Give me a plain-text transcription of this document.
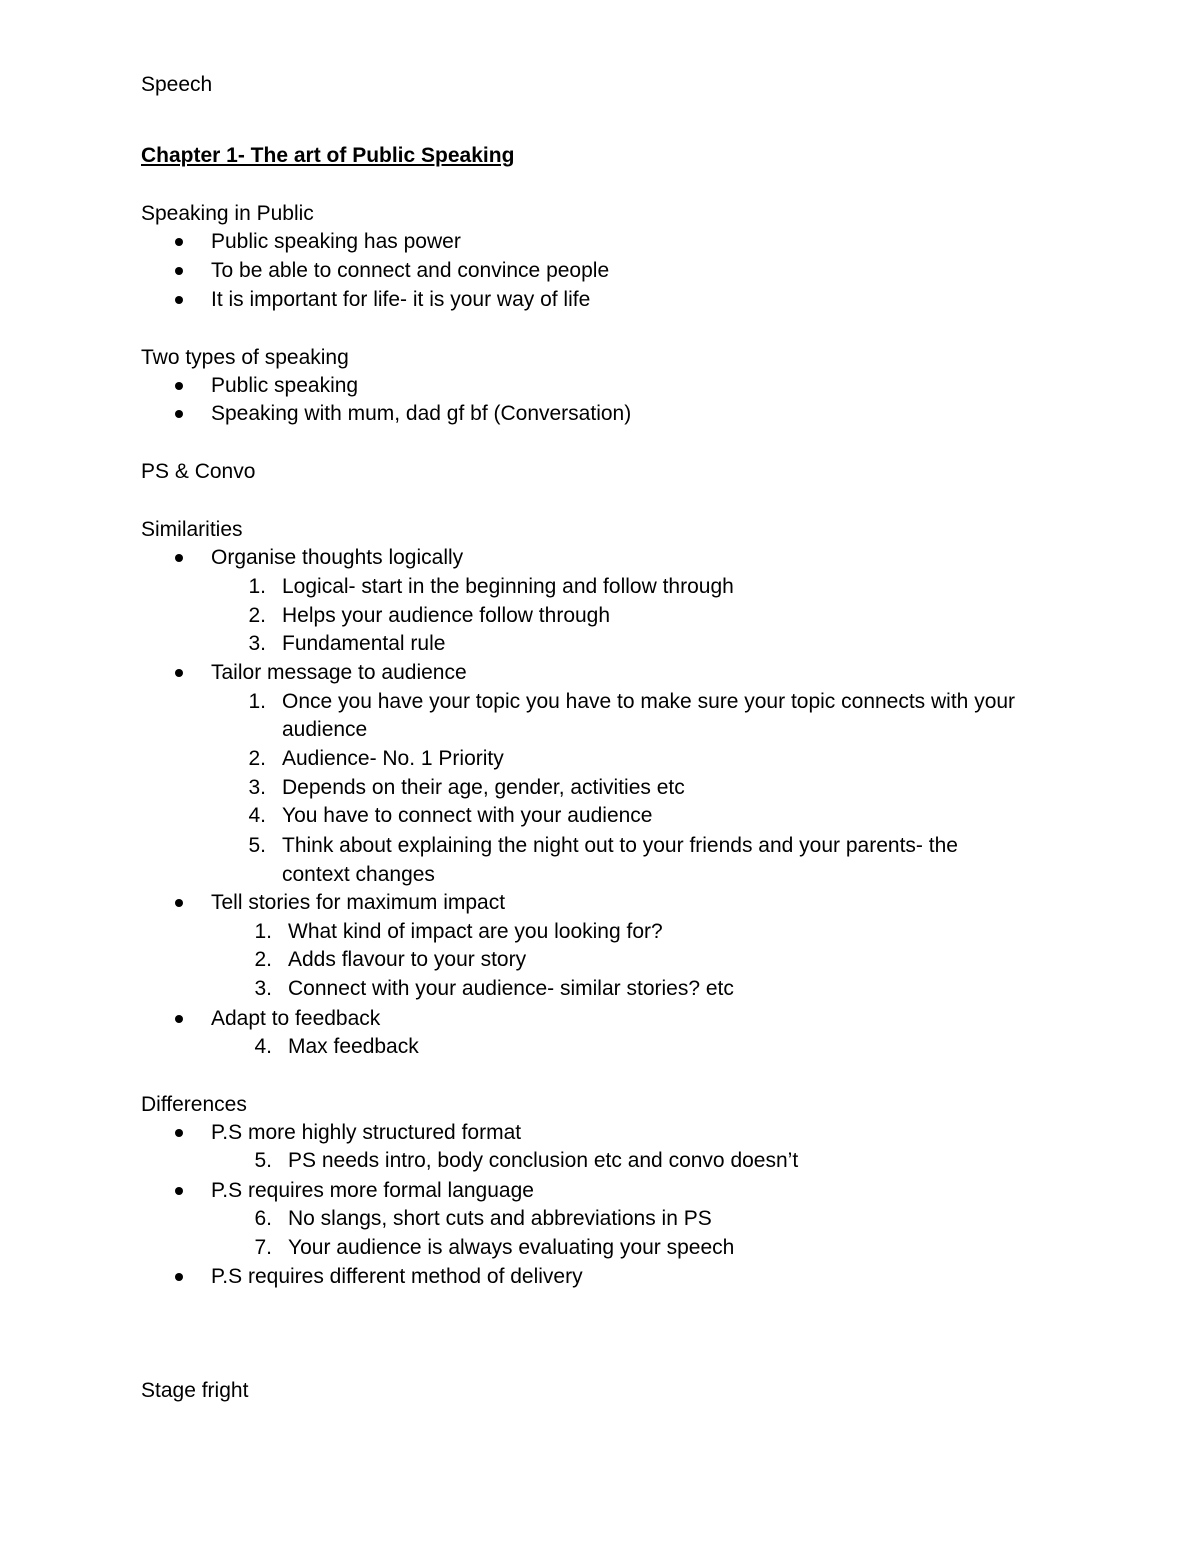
Speech
Chapter 1- The art of Public Speaking
Speaking in Public
Public speaking has power
To be able to connect and convince people
It is important for life- it is your way of life
Two types of speaking
Public speaking
Speaking with mum, dad gf bf (Conversation)
PS & Convo
Similarities
Organise thoughts logically
1. Logical- start in the beginning and follow through
2. Helps your audience follow through
3. Fundamental rule
Tailor message to audience
1. Once you have your topic you have to make sure your topic connects with your
audience
2. Audience- No. 1 Priority
3. Depends on their age, gender, activities etc
4. You have to connect with your audience
5. Think about explaining the night out to your friends and your parents- the
context changes
Tell stories for maximum impact
1. What kind of impact are you looking for?
2. Adds flavour to your story
3. Connect with your audience- similar stories? etc
Adapt to feedback
4. Max feedback
Differences
P.S more highly structured format
5. PS needs intro, body conclusion etc and convo doesn’t
P.S requires more formal language
6. No slangs, short cuts and abbreviations in PS
7. Your audience is always evaluating your speech
P.S requires different method of delivery
Stage fright
